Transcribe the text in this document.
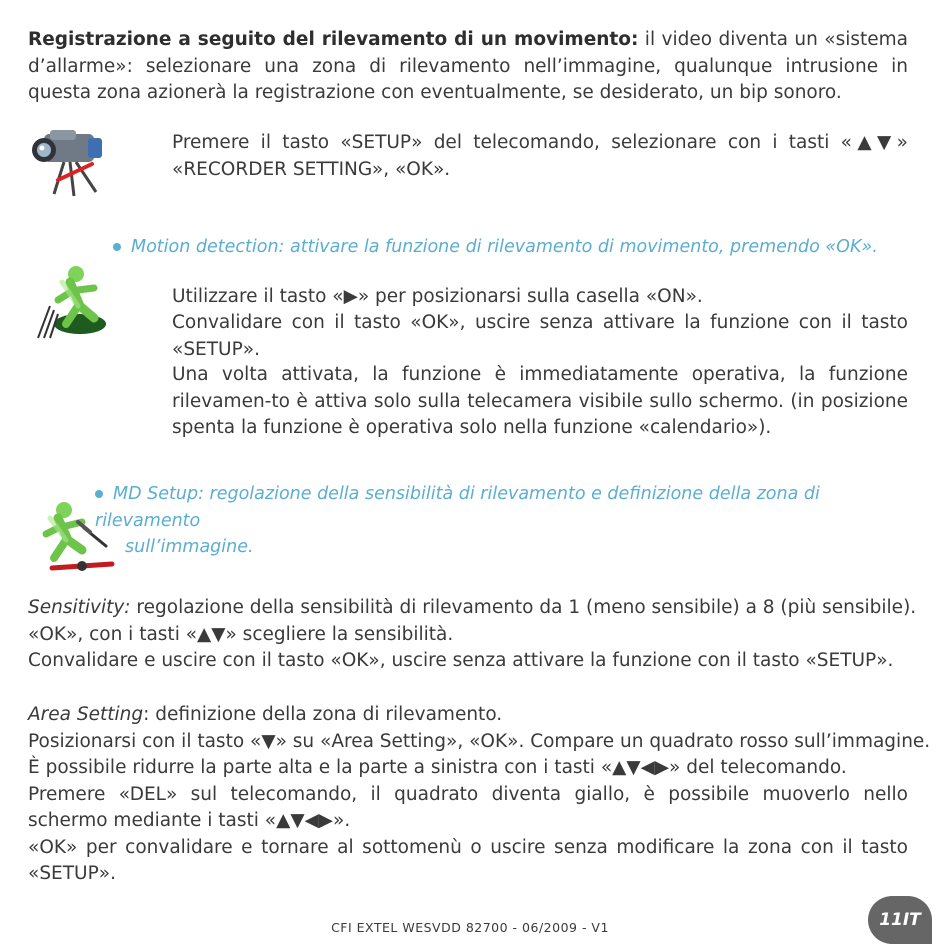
Registrazione a seguito del rilevamento di un movimento: il video diventa un «sistema d’allarme»: selezionare una zona di rilevamento nell’immagine, qualunque intrusione in questa zona azionerà la registrazione con eventualmente, se desiderato, un bip sonoro.
Premere il tasto «SETUP» del telecomando, selezionare con i tasti «▲▼» «RECORDER SETTING», «OK».
Motion detection: attivare la funzione di rilevamento di movimento, premendo «OK».
Utilizzare il tasto «▶» per posizionarsi sulla casella «ON».
Convalidare con il tasto «OK», uscire senza attivare la funzione con il tasto «SETUP».
Una volta attivata, la funzione è immediatamente operativa, la funzione rilevamen-to è attiva solo sulla telecamera visibile sullo schermo. (in posizione spenta la funzione è operativa solo nella funzione «calendario»).
MD Setup: regolazione della sensibilità di rilevamento e definizione della zona di rilevamento
sull’immagine.
Sensitivity: regolazione della sensibilità di rilevamento da 1 (meno sensibile) a 8 (più sensibile).
«OK», con i tasti «▲▼» scegliere la sensibilità.
Convalidare e uscire con il tasto «OK», uscire senza attivare la funzione con il tasto «SETUP».
Area Setting: definizione della zona di rilevamento.
Posizionarsi con il tasto «▼» su «Area Setting», «OK». Compare un quadrato rosso sull’immagine.
È possibile ridurre la parte alta e la parte a sinistra con i tasti «▲▼◀▶» del telecomando.
Premere «DEL» sul telecomando, il quadrato diventa giallo, è possibile muoverlo nello schermo mediante i tasti «▲▼◀▶».
«OK» per convalidare e tornare al sottomenù o uscire senza modificare la zona con il tasto «SETUP».
CFI EXTEL WESVDD 82700 - 06/2009 - V1	11IT
